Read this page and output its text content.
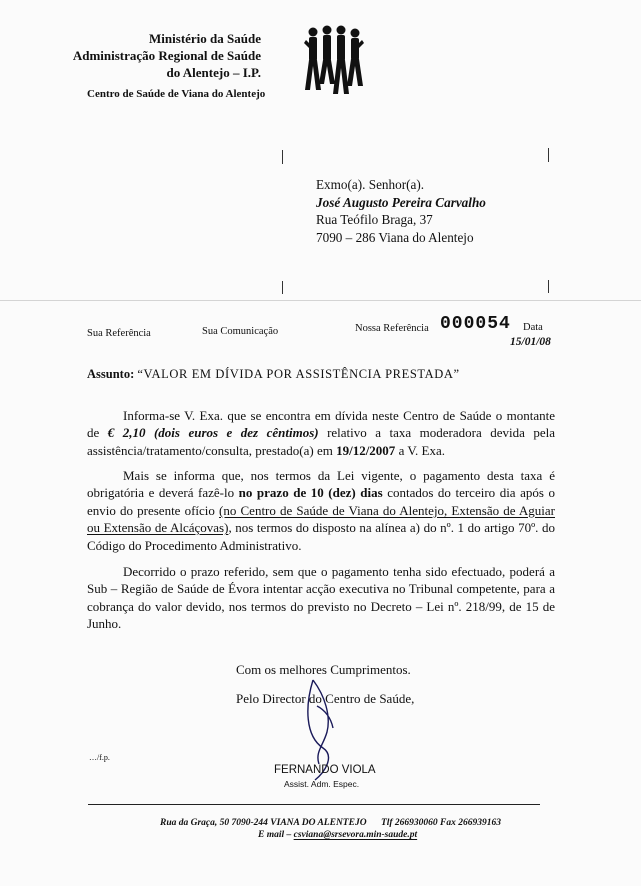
Ministério da Saúde
Administração Regional de Saúde
do Alentejo – I.P.
Centro de Saúde de Viana do Alentejo
Exmo(a). Senhor(a).
José Augusto Pereira Carvalho
Rua Teófilo Braga, 37
7090 – 286 Viana do Alentejo
Sua Referência	Sua Comunicação	Nossa Referência 000054 Data
15/01/08
Assunto: “VALOR EM DÍVIDA POR ASSISTÊNCIA PRESTADA”

Informa-se V. Exa. que se encontra em dívida neste Centro de Saúde o montante de € 2,10 (dois euros e dez cêntimos) relativo a taxa moderadora devida pela assistência/tratamento/consulta, prestado(a) em 19/12/2007 a V. Exa.

Mais se informa que, nos termos da Lei vigente, o pagamento desta taxa é obrigatória e deverá fazê-lo no prazo de 10 (dez) dias contados do terceiro dia após o envio do presente ofício (no Centro de Saúde de Viana do Alentejo, Extensão de Aguiar ou Extensão de Alcáçovas), nos termos do disposto na alínea a) do nº. 1 do artigo 70º. do Código do Procedimento Administrativo.

Decorrido o prazo referido, sem que o pagamento tenha sido efectuado, poderá a Sub – Região de Saúde de Évora intentar acção executiva no Tribunal competente, para a cobrança do valor devido, nos termos do previsto no Decreto – Lei nº. 218/99, de 15 de Junho.

Com os melhores Cumprimentos.
Pelo Director do Centro de Saúde,
FERNANDO VIOLA
Assist. Adm. Espec.
…/f.p.
Rua da Graça, 50 7090-244 VIANA DO ALENTEJO Tlf 266930060 Fax 266939163
E mail – csviana@srsevora.min-saude.pt
